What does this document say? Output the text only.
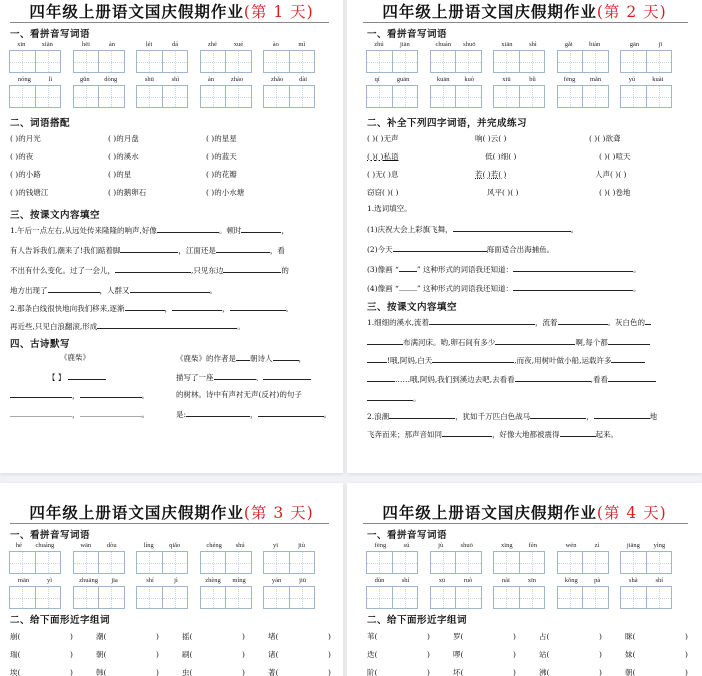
四年级上册语文国庆假期作业(第 1 天)
一、看拼音写词语
xīn xiān	hēi	àn	léi	dá	zhé	xué	ào	mì
nóng	lì	gǔn dòng	shū	shì	àn	zhào	zhǎo dài
二、词语搭配
( )的月光	( )的月盘	( )的星星
( )的夜	( )的溪水	( )的蓝天
( )的小路	( )的星	( )的花瓣
( )的钱塘江	( )的鹅卵石	( )的小水塘
三、按课文内容填空
1.午后一点左右,从远处传来隆隆的响声,好像	。顿时	，
有人告诉我们,潮来了!我们踮着脚	，江面还是	，看
不出有什么变化。过了一会儿，	,只见东边	的
地方出现了	，人群又	。
2.那条白线很快地向我们移来,逐渐	，	，	。
再近些,只见白浪翻滚,形成	。
四、古诗默写
《鹿柴》
【 】
，	。
，	。
《鹿柴》的作者是 朝诗人	，
描写了一座	、
的树林。诗中有声衬无声(反衬)的句子
是:	，	。
四年级上册语文国庆假期作业(第 2 天)
一、看拼音写词语
zhú	jiān	chuán shuō	xiān	shì	gǎi	biàn	gān	jī
qí	guān	kuān kuò	xiū	bǔ	fēng mǎn	yú	kuài
二、补全下列四字词语，并完成练习
( )( )无声	响( )云( )	( )( )欲聋
( )( )私语	低( )细( )	( )( )喧天
( )无( )息	若( )若( )	人声( )( )
窃窃( )( )	风平( )( )	( )( )卷地
1.选词填空。
(1)庆祝大会上彩旗飞舞，	。
(2)今天	海面适合出海捕鱼。
(3)像画 “ ” 这种形式的词语我还知道：	。
(4)像画 “ ” 这种形式的词语我还知道：	。
三、按课文内容填空
1.细细的溪水,流着	，流着	。灰白色的
布满河床。哟,卵石间有多少	啊,每个都
!哦,阿妈,白天	,而夜,用树叶做小船,运载许多
……哦,阿妈,我们到溪边去吧,去看看	,看看
。
2.浪潮	，犹如千万匹白色战马	，	地
飞奔而来；那声音如同	，好像大地都被震得	起来。
四年级上册语文国庆假期作业(第 3 天)
一、看拼音写词语
hé chuáng	wān dòu	líng qiǎo	chéng shú	yī	jiù
mān	yì	zhuāng jia	shí	jì	zhèng míng	yán	jiū
二、给下面形近字组词
崩(	)	潮(	)	摇(	)	堵(	)
瑞(	)	朝(	)	刷(	)	诸(	)
埃(	)	韩(	)	虫(	)	著(	)
四年级上册语文国庆假期作业(第 4 天)
一、看拼音写词语
fēng	sú	jù	shuō	xīng fèn	wén	zì	jiāng yìng
dùn	shí	xū	ruò	nài	xīn	kǒng	pà	shà	shí
二、给下面形近字组词
苇(	)	罗(	)	占(	)	眯(	)
迭(	)	啰(	)	站(	)	妹(	)
阶(	)	坏(	)	沸(	)	朝(	)
